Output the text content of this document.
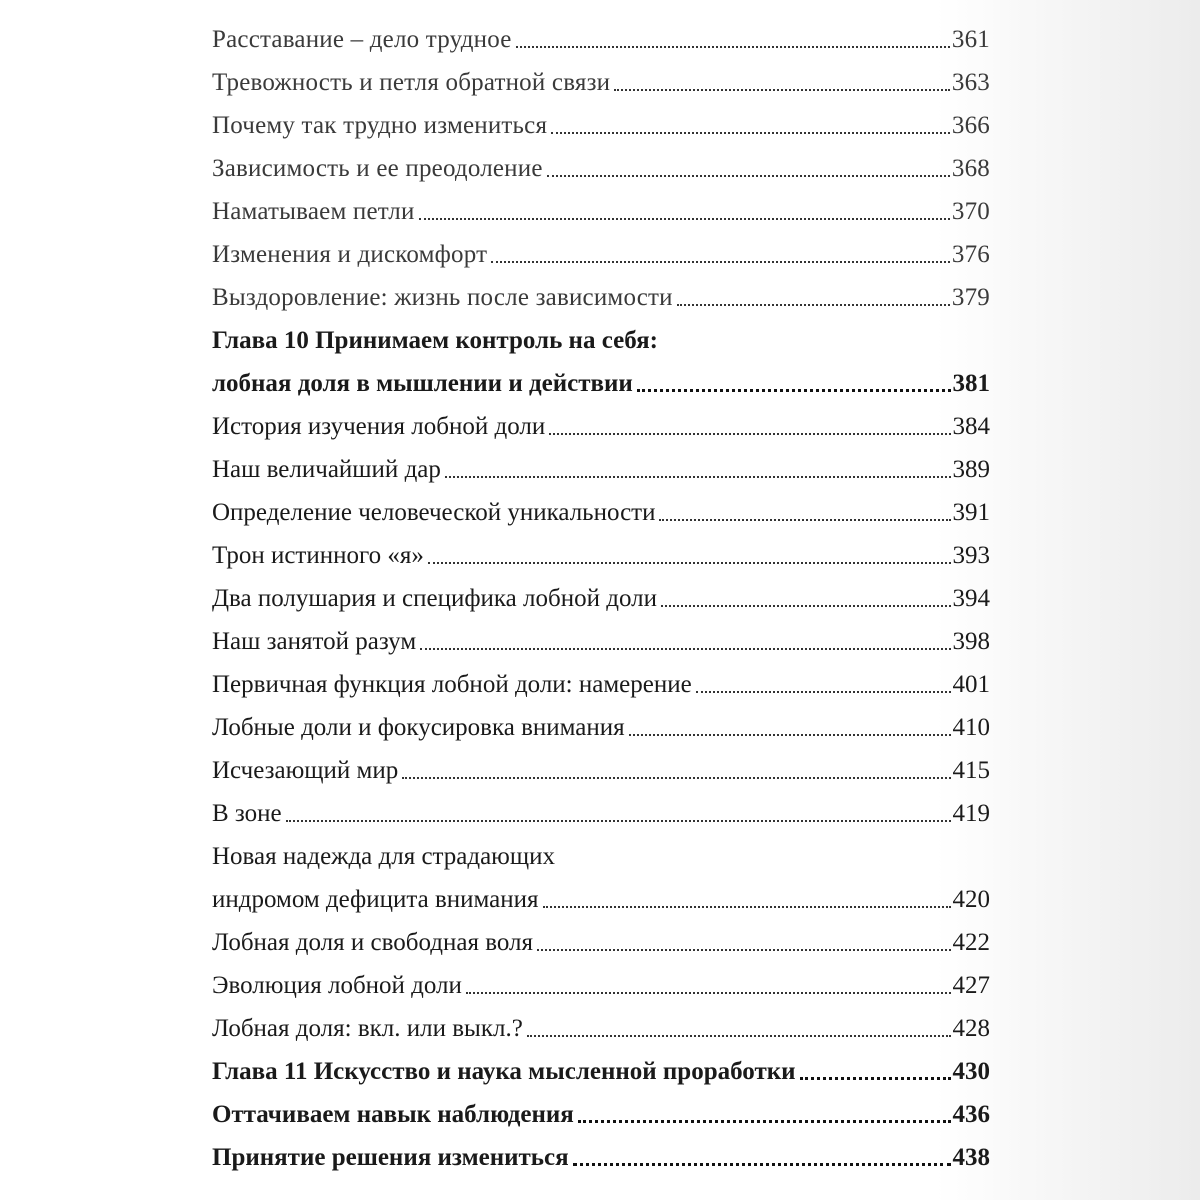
Расставание – дело трудное	361
Тревожность и петля обратной связи	363
Почему так трудно измениться	366
Зависимость и ее преодоление	368
Наматываем петли	370
Изменения и дискомфорт	376
Выздоровление: жизнь после зависимости	379
Глава 10 Принимаем контроль на себя:
лобная доля в мышлении и действии	381
История изучения лобной доли	384
Наш величайший дар	389
Определение человеческой уникальности	391
Трон истинного «я»	393
Два полушария и специфика лобной доли	394
Наш занятой разум	398
Первичная функция лобной доли: намерение	401
Лобные доли и фокусировка внимания	410
Исчезающий мир	415
В зоне	419
Новая надежда для страдающих
индромом дефицита внимания	420
Лобная доля и свободная воля	422
Эволюция лобной доли	427
Лобная доля: вкл. или выкл.?	428
Глава 11 Искусство и наука мысленной проработки	430
Оттачиваем навык наблюдения	436
Принятие решения измениться	438
